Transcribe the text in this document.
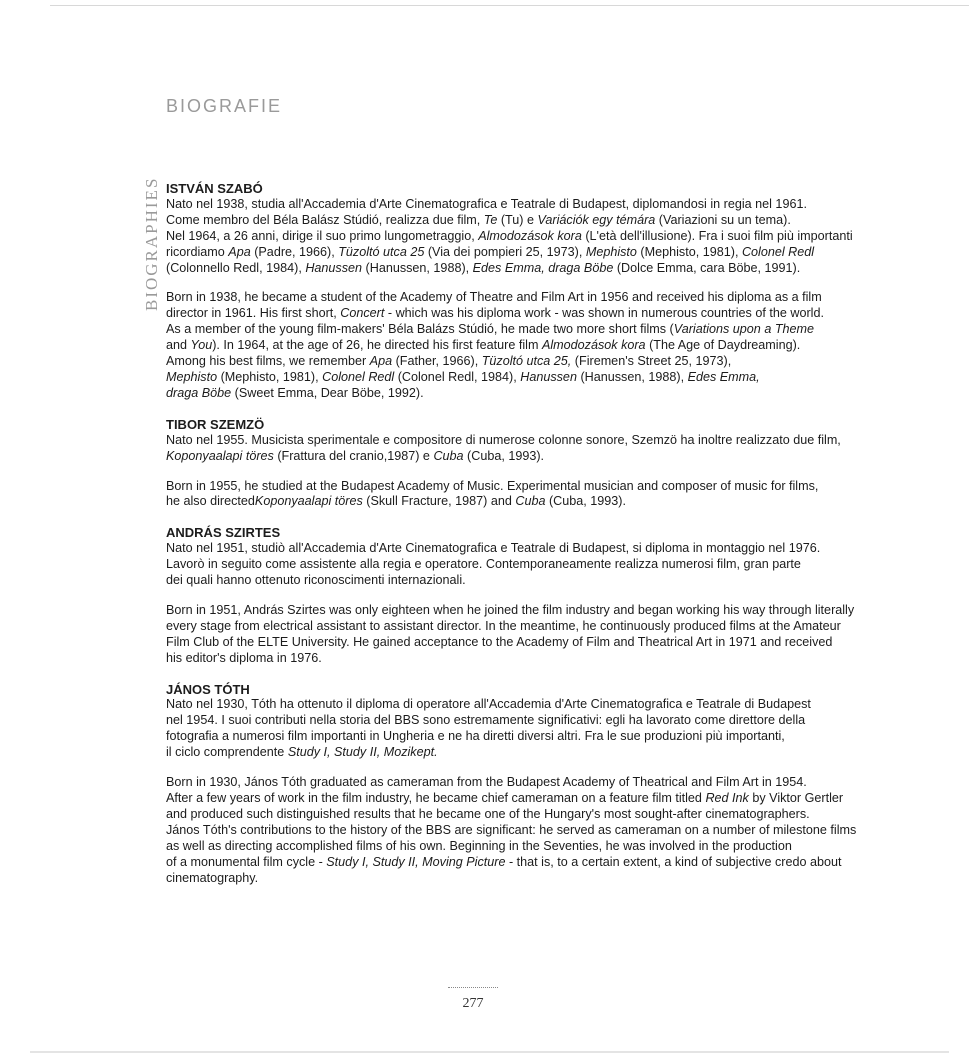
BIOGRAFIE
BIOGRAPHIES ISTVÁN SZABÓ

Nato nel 1938, studia all'Accademia d'Arte Cinematografica e Teatrale di Budapest, diplomandosi in regia nel 1961.
Come membro del Béla Balász Stúdió, realizza due film, Te (Tu) e Variációk egy témára (Variazioni su un tema).
Nel 1964, a 26 anni, dirige il suo primo lungometraggio, Almodozások kora (L'età dell'illusione). Fra i suoi film più importanti
ricordiamo Apa (Padre, 1966), Tüzoltó utca 25 (Via dei pompieri 25, 1973), Mephisto (Mephisto, 1981), Colonel Redl
(Colonnello Redl, 1984), Hanussen (Hanussen, 1988), Edes Emma, draga Böbe (Dolce Emma, cara Böbe, 1991).

Born in 1938, he became a student of the Academy of Theatre and Film Art in 1956 and received his diploma as a film
director in 1961. His first short, Concert - which was his diploma work - was shown in numerous countries of the world.
As a member of the young film-makers' Béla Balázs Stúdió, he made two more short films (Variations upon a Theme
and You). In 1964, at the age of 26, he directed his first feature film Almodozások kora (The Age of Daydreaming).
Among his best films, we remember Apa (Father, 1966), Tüzoltó utca 25, (Firemen's Street 25, 1973),
Mephisto (Mephisto, 1981), Colonel Redl (Colonel Redl, 1984), Hanussen (Hanussen, 1988), Edes Emma,
draga Böbe (Sweet Emma, Dear Böbe, 1992).

TIBOR SZEMZÖ

Nato nel 1955. Musicista sperimentale e compositore di numerose colonne sonore, Szemzö ha inoltre realizzato due film,
Koponyaalapi töres (Frattura del cranio,1987) e Cuba (Cuba, 1993).

Born in 1955, he studied at the Budapest Academy of Music. Experimental musician and composer of music for films,
he also directedKoponyaalapi töres (Skull Fracture, 1987) and Cuba (Cuba, 1993).

ANDRÁS SZIRTES

Nato nel 1951, studiò all'Accademia d'Arte Cinematografica e Teatrale di Budapest, si diploma in montaggio nel 1976.
Lavorò in seguito come assistente alla regia e operatore. Contemporaneamente realizza numerosi film, gran parte
dei quali hanno ottenuto riconoscimenti internazionali.

Born in 1951, András Szirtes was only eighteen when he joined the film industry and began working his way through literally
every stage from electrical assistant to assistant director. In the meantime, he continuously produced films at the Amateur
Film Club of the ELTE University. He gained acceptance to the Academy of Film and Theatrical Art in 1971 and received
his editor's diploma in 1976.

JÁNOS TÓTH

Nato nel 1930, Tóth ha ottenuto il diploma di operatore all'Accademia d'Arte Cinematografica e Teatrale di Budapest
nel 1954. I suoi contributi nella storia del BBS sono estremamente significativi: egli ha lavorato come direttore della
fotografia a numerosi film importanti in Ungheria e ne ha diretti diversi altri. Fra le sue produzioni più importanti,
il ciclo comprendente Study I, Study II, Mozikept.

Born in 1930, János Tóth graduated as cameraman from the Budapest Academy of Theatrical and Film Art in 1954.
After a few years of work in the film industry, he became chief cameraman on a feature film titled Red Ink by Viktor Gertler
and produced such distinguished results that he became one of the Hungary's most sought-after cinematographers.
János Tóth's contributions to the history of the BBS are significant: he served as cameraman on a number of milestone films
as well as directing accomplished films of his own. Beginning in the Seventies, he was involved in the production
of a monumental film cycle - Study I, Study II, Moving Picture - that is, to a certain extent, a kind of subjective credo about
cinematography.

277
